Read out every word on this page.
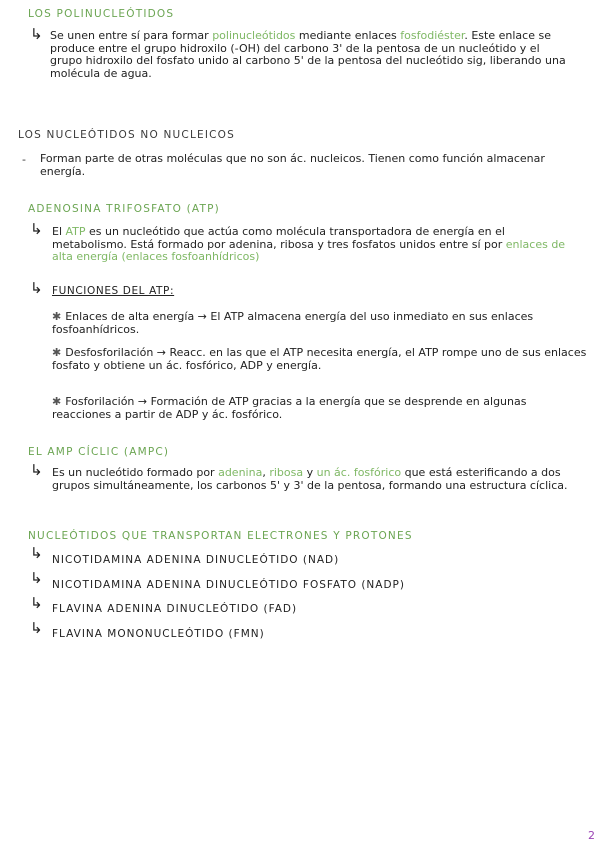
LOS POLINUCLEÓTIDOS
↳ Se unen entre sí para formar polinucleótidos mediante enlaces fosfodiéster. Este enlace se produce entre el grupo hidroxilo (-OH) del carbono 3' de la pentosa de un nucleótido y el grupo hidroxilo del fosfato unido al carbono 5' de la pentosa del nucleótido sig, liberando una molécula de agua.
LOS NUCLEÓTIDOS NO NUCLEICOS
- Forman parte de otras moléculas que no son ác. nucleicos. Tienen como función almacenar energía.
ADENOSINA TRIFOSFATO (ATP)
↳ El ATP es un nucleótido que actúa como molécula transportadora de energía en el metabolismo. Está formado por adenina, ribosa y tres fosfatos unidos entre sí por enlaces de alta energía (enlaces fosfoanhídricos)
↳ FUNCIONES DEL ATP:
✱ Enlaces de alta energía → El ATP almacena energía del uso inmediato en sus enlaces fosfoanhídricos.
✱ Desfosforilación → Reacc. en las que el ATP necesita energía, el ATP rompe uno de sus enlaces fosfato y obtiene un ác. fosfórico, ADP y energía.
✱ Fosforilación → Formación de ATP gracias a la energía que se desprende en algunas reacciones a partir de ADP y ác. fosfórico.
EL AMP CÍCLIC (AMPC)
↳ Es un nucleótido formado por adenina, ribosa y un ác. fosfórico que está esterificando a dos grupos simultáneamente, los carbonos 5' y 3' de la pentosa, formando una estructura cíclica.
NUCLEÓTIDOS QUE TRANSPORTAN ELECTRONES Y PROTONES
↳ NICOTIDAMINA ADENINA DINUCLEÓTIDO (NAD)
↳ NICOTIDAMINA ADENINA DINUCLEÓTIDO FOSFATO (NADP)
↳ FLAVINA ADENINA DINUCLEÓTIDO (FAD)
↳ FLAVINA MONONUCLEÓTIDO (FMN)
2
